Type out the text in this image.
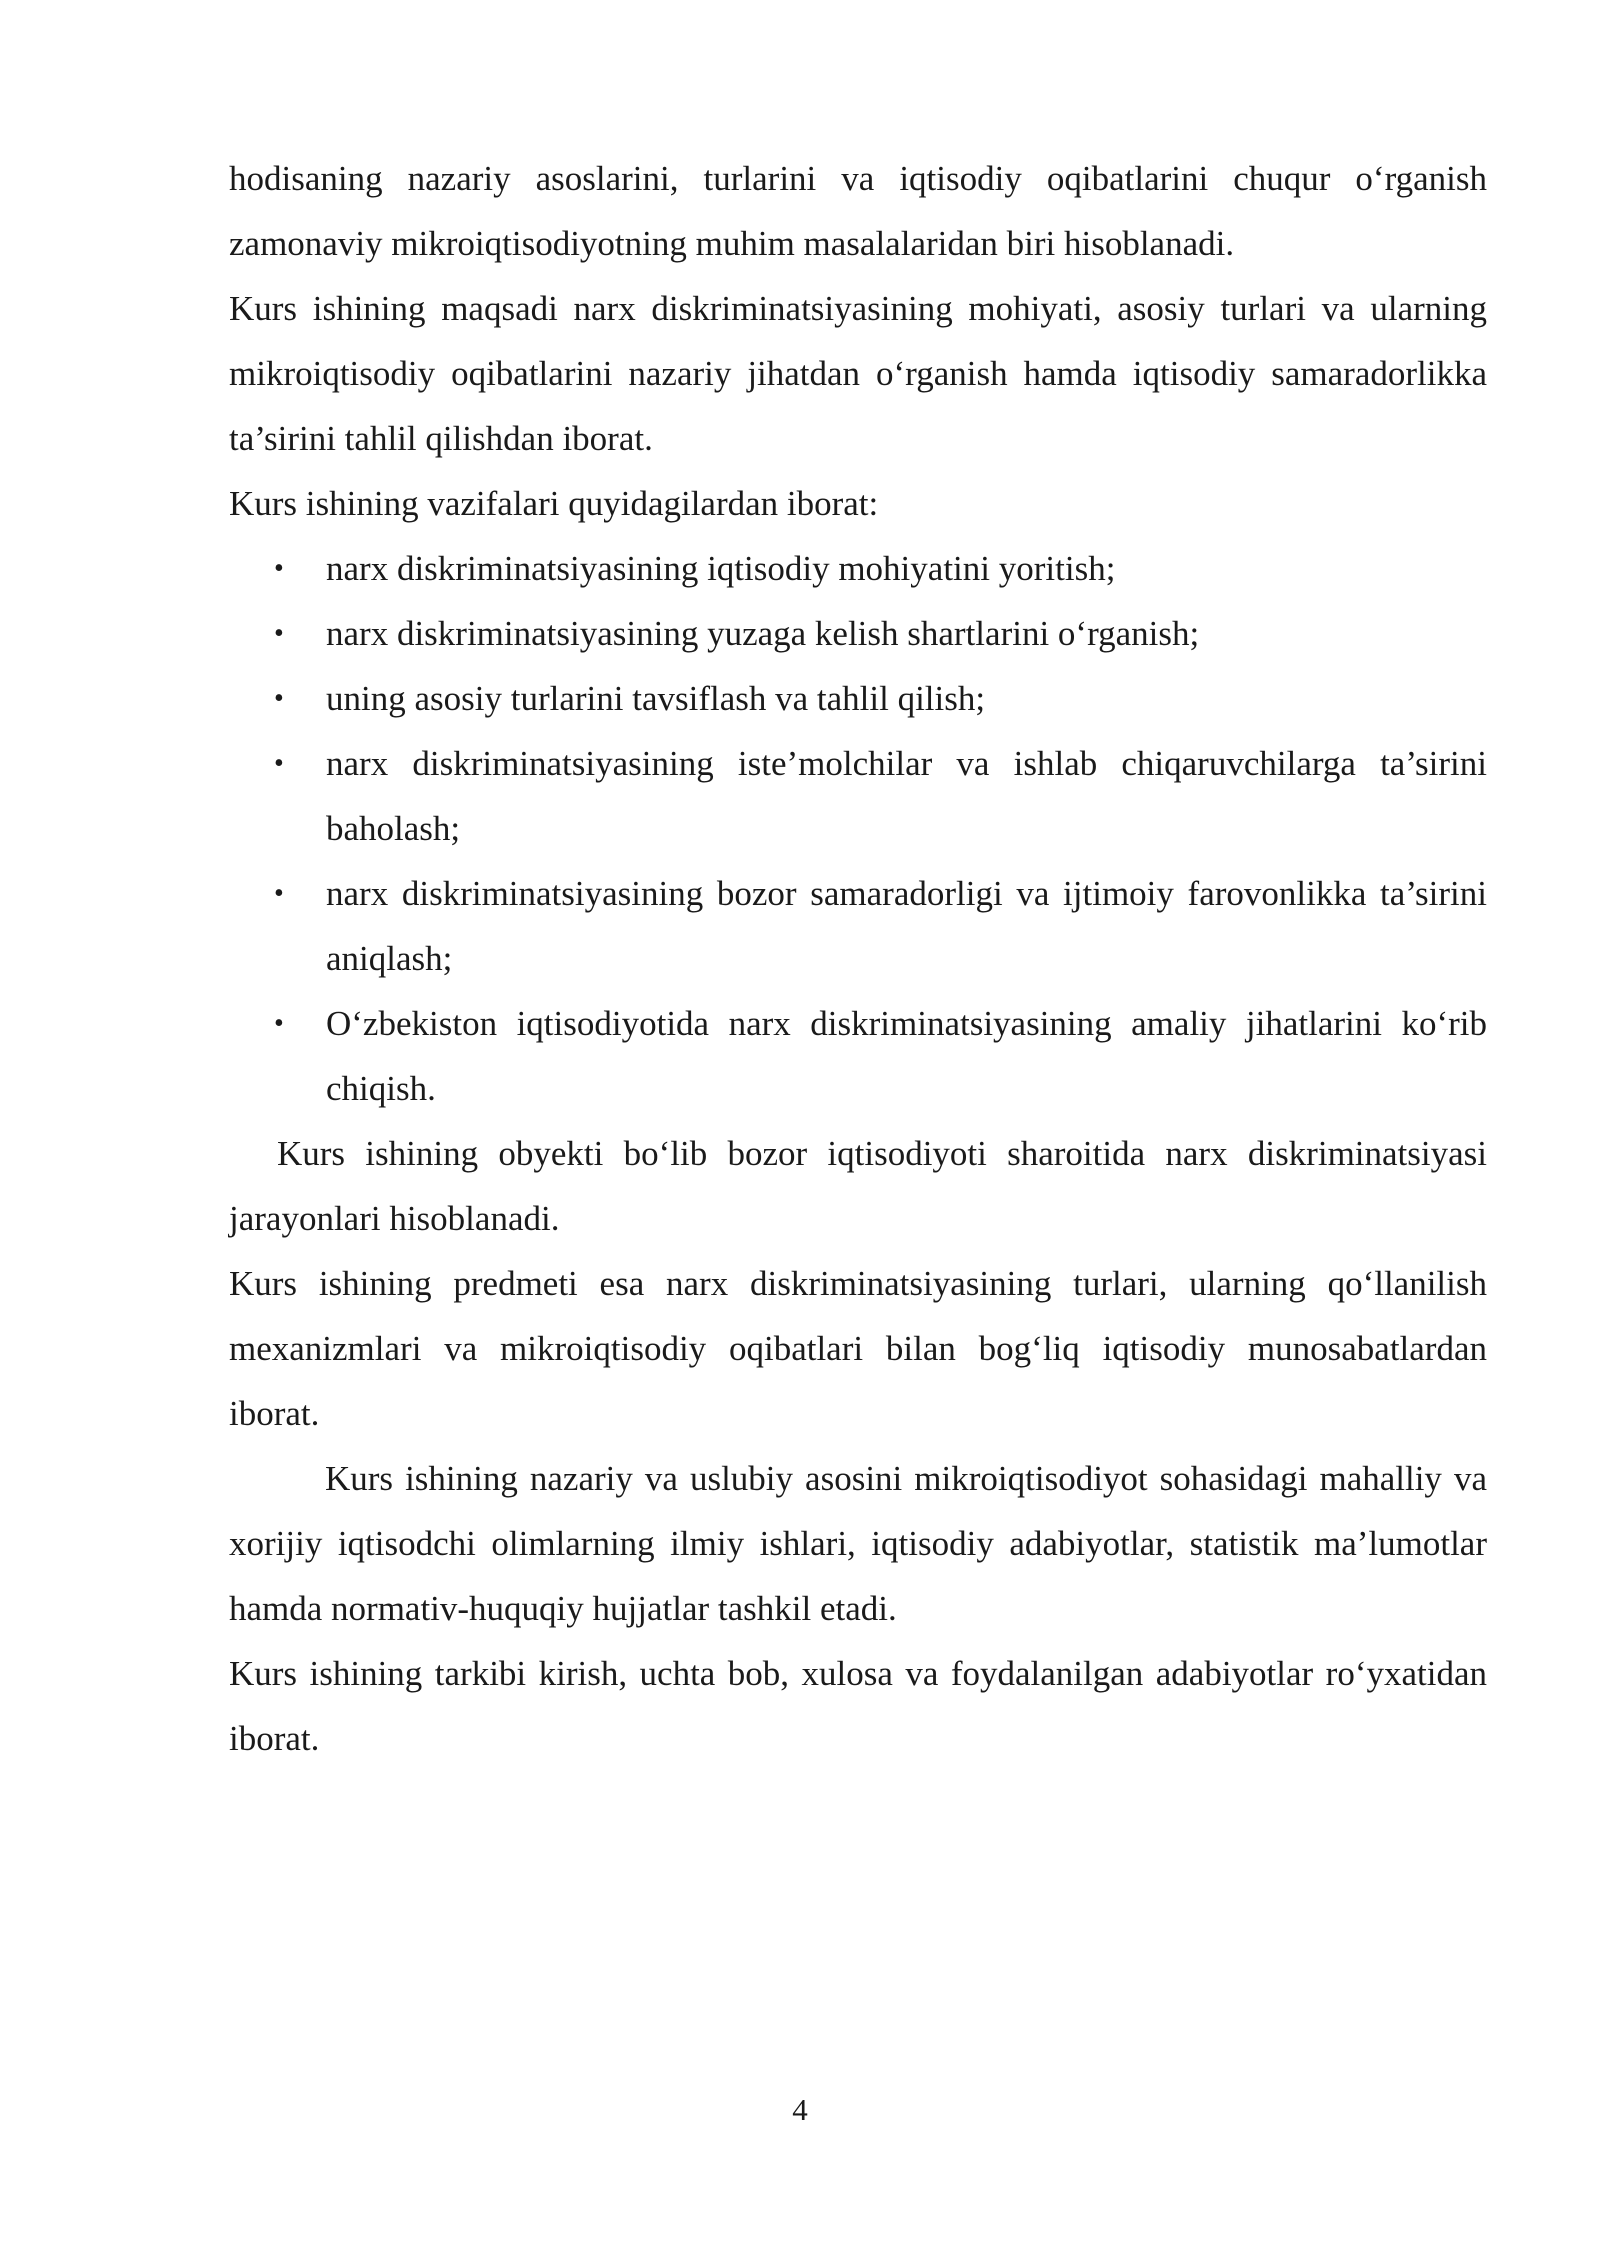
hodisaning nazariy asoslarini, turlarini va iqtisodiy oqibatlarini chuqur o‘rganish zamonaviy mikroiqtisodiyotning muhim masalalaridan biri hisoblanadi.

Kurs ishining maqsadi narx diskriminatsiyasining mohiyati, asosiy turlari va ularning mikroiqtisodiy oqibatlarini nazariy jihatdan o‘rganish hamda iqtisodiy samaradorlikka ta’sirini tahlil qilishdan iborat.

Kurs ishining vazifalari quyidagilardan iborat:

• narx diskriminatsiyasining iqtisodiy mohiyatini yoritish;
• narx diskriminatsiyasining yuzaga kelish shartlarini o‘rganish;
• uning asosiy turlarini tavsiflash va tahlil qilish;
• narx diskriminatsiyasining iste’molchilar va ishlab chiqaruvchilarga ta’sirini baholash;
• narx diskriminatsiyasining bozor samaradorligi va ijtimoiy farovonlikka ta’sirini aniqlash;
• O‘zbekiston iqtisodiyotida narx diskriminatsiyasining amaliy jihatlarini ko‘rib chiqish.

Kurs ishining obyekti bo‘lib bozor iqtisodiyoti sharoitida narx diskriminatsiyasi jarayonlari hisoblanadi.

Kurs ishining predmeti esa narx diskriminatsiyasining turlari, ularning qo‘llanilish mexanizmlari va mikroiqtisodiy oqibatlari bilan bog‘liq iqtisodiy munosabatlardan iborat.

Kurs ishining nazariy va uslubiy asosini mikroiqtisodiyot sohasidagi mahalliy va xorijiy iqtisodchi olimlarning ilmiy ishlari, iqtisodiy adabiyotlar, statistik ma’lumotlar hamda normativ-huquqiy hujjatlar tashkil etadi.

Kurs ishining tarkibi kirish, uchta bob, xulosa va foydalanilgan adabiyotlar ro‘yxatidan iborat.

4
